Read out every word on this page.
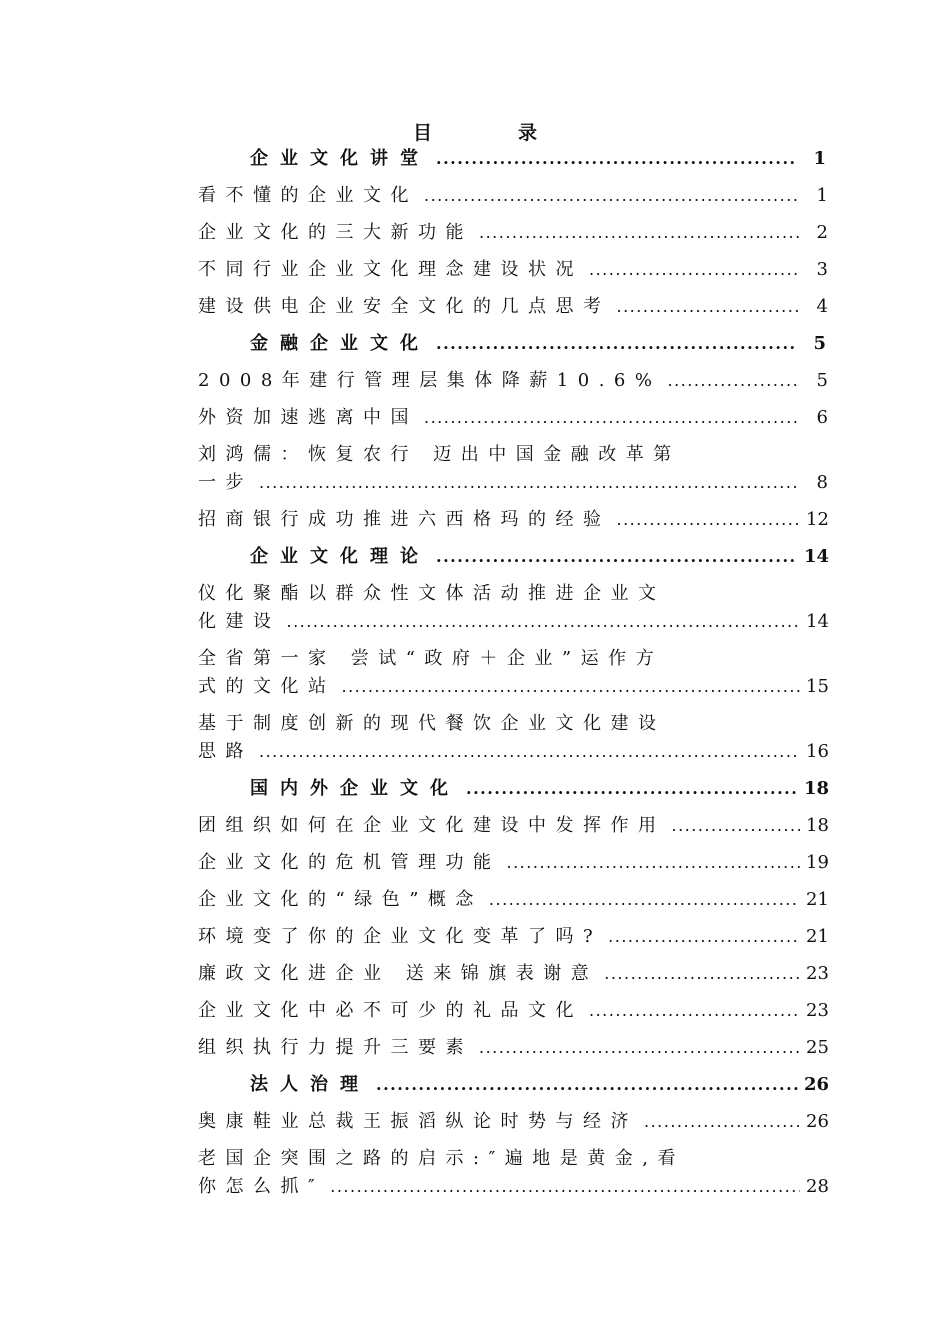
目录
企业文化讲堂 .....	1
看不懂的企业文化 .....	1
企业文化的三大新功能 .....	2
不同行业企业文化理念建设状况 .....	3
建设供电企业安全文化的几点思考 .....	4
金融企业文化 .....	5
2008年建行管理层集体降薪10.6% .....	5
外资加速逃离中国 .....	6
刘鸿儒：恢复农行 迈出中国金融改革第
一步 .....	8
招商银行成功推进六西格玛的经验 .....	12
企业文化理论 .....	14
仪化聚酯以群众性文体活动推进企业文
化建设 .....	14
全省第一家 尝试“政府＋企业”运作方
式的文化站 .....	15
基于制度创新的现代餐饮企业文化建设
思路 .....	16
国内外企业文化 .....	18
团组织如何在企业文化建设中发挥作用 .....	18
企业文化的危机管理功能 .....	19
企业文化的“绿色”概念 .....	21
环境变了你的企业文化变革了吗? .....	21
廉政文化进企业 送来锦旗表谢意 .....	23
企业文化中必不可少的礼品文化 .....	23
组织执行力提升三要素 .....	25
法人治理 .....	26
奥康鞋业总裁王振滔纵论时势与经济 .....	26
老国企突围之路的启示:″遍地是黄金,看
你怎么抓″ .....	28
